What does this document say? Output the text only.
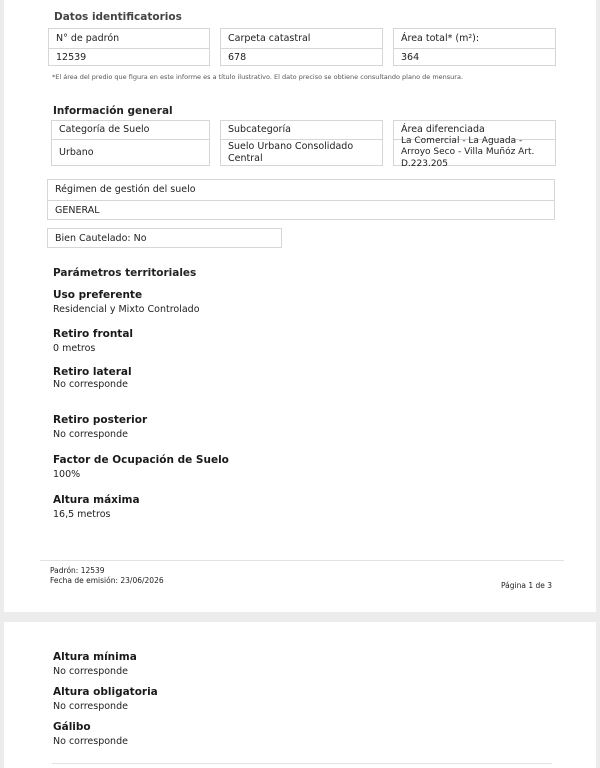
Datos identificatorios
N° de padrón
12539
Carpeta catastral
678
Área total* (m²):
364
*El área del predio que figura en este informe es a título ilustrativo. El dato preciso se obtiene consultando plano de mensura.
Información general
Categoría de Suelo
Urbano
Subcategoría
Suelo Urbano Consolidado Central
Área diferenciada
La Comercial - La Aguada - Arroyo Seco - Villa Muñóz Art. D.223.205
Régimen de gestión del suelo
GENERAL
Bien Cautelado: No
Parámetros territoriales
Uso preferente
Residencial y Mixto Controlado
Retiro frontal
0 metros
Retiro lateral
No corresponde
Retiro posterior
No corresponde
Factor de Ocupación de Suelo
100%
Altura máxima
16,5 metros
Padrón: 12539
Fecha de emisión: 23/06/2026
Página 1 de 3
Altura mínima
No corresponde
Altura obligatoria
No corresponde
Gálibo
No corresponde
